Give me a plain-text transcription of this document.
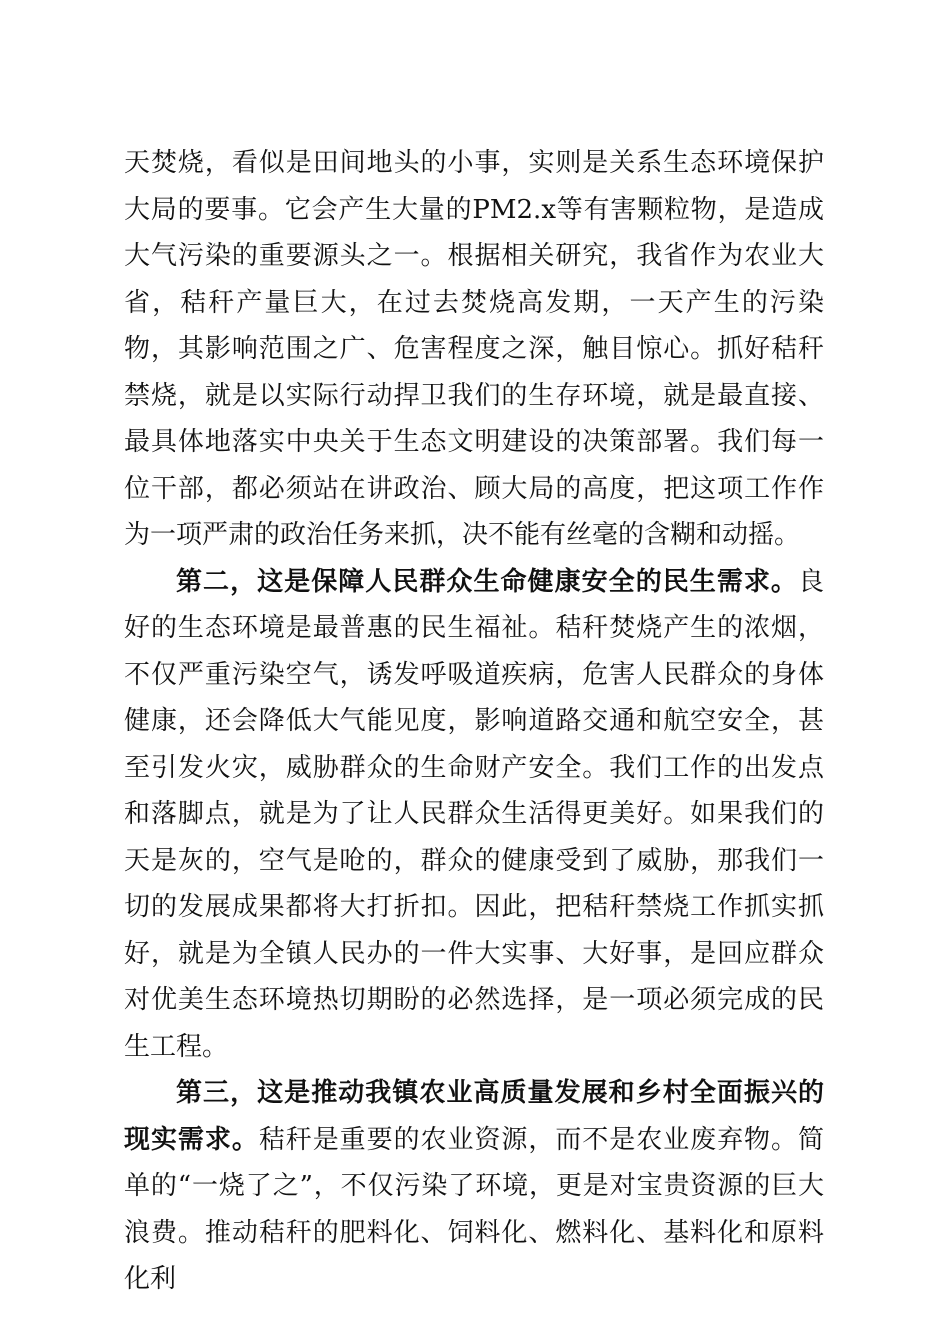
天焚烧，看似是田间地头的小事，实则是关系生态环境保护大局的要事。它会产生大量的PM2.x等有害颗粒物，是造成大气污染的重要源头之一。根据相关研究，我省作为农业大省，秸秆产量巨大，在过去焚烧高发期，一天产生的污染物，其影响范围之广、危害程度之深，触目惊心。抓好秸秆禁烧，就是以实际行动捍卫我们的生存环境，就是最直接、最具体地落实中央关于生态文明建设的决策部署。我们每一位干部，都必须站在讲政治、顾大局的高度，把这项工作作为一项严肃的政治任务来抓，决不能有丝毫的含糊和动摇。

第二，这是保障人民群众生命健康安全的民生需求。良好的生态环境是最普惠的民生福祉。秸秆焚烧产生的浓烟，不仅严重污染空气，诱发呼吸道疾病，危害人民群众的身体健康，还会降低大气能见度，影响道路交通和航空安全，甚至引发火灾，威胁群众的生命财产安全。我们工作的出发点和落脚点，就是为了让人民群众生活得更美好。如果我们的天是灰的，空气是呛的，群众的健康受到了威胁，那我们一切的发展成果都将大打折扣。因此，把秸秆禁烧工作抓实抓好，就是为全镇人民办的一件大实事、大好事，是回应群众对优美生态环境热切期盼的必然选择，是一项必须完成的民生工程。

第三，这是推动我镇农业高质量发展和乡村全面振兴的现实需求。秸秆是重要的农业资源，而不是农业废弃物。简单的“一烧了之”，不仅污染了环境，更是对宝贵资源的巨大浪费。推动秸秆的肥料化、饲料化、燃料化、基料化和原料化利
